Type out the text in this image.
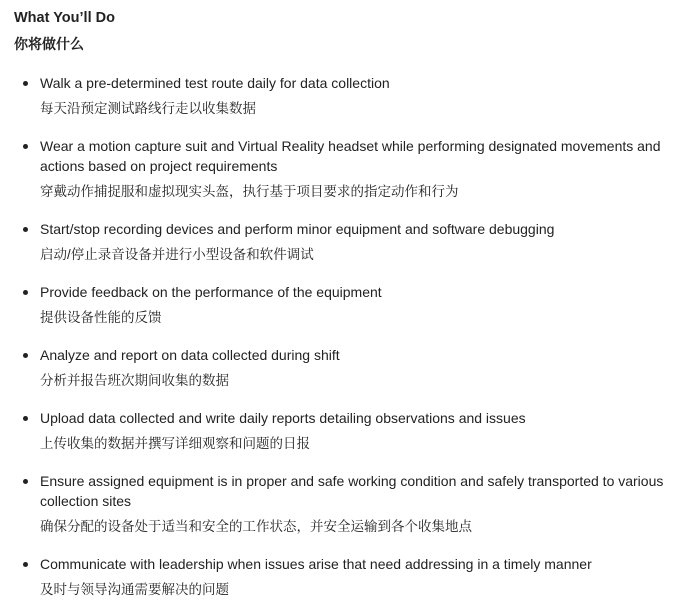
What You’ll Do
你将做什么
Walk a pre-determined test route daily for data collection
每天沿预定测试路线行走以收集数据
Wear a motion capture suit and Virtual Reality headset while performing designated movements and actions based on project requirements
穿戴动作捕捉服和虚拟现实头盔，执行基于项目要求的指定动作和行为
Start/stop recording devices and perform minor equipment and software debugging
启动/停止录音设备并进行小型设备和软件调试
Provide feedback on the performance of the equipment
提供设备性能的反馈
Analyze and report on data collected during shift
分析并报告班次期间收集的数据
Upload data collected and write daily reports detailing observations and issues
上传收集的数据并撰写详细观察和问题的日报
Ensure assigned equipment is in proper and safe working condition and safely transported to various collection sites
确保分配的设备处于适当和安全的工作状态，并安全运输到各个收集地点
Communicate with leadership when issues arise that need addressing in a timely manner
及时与领导沟通需要解决的问题
